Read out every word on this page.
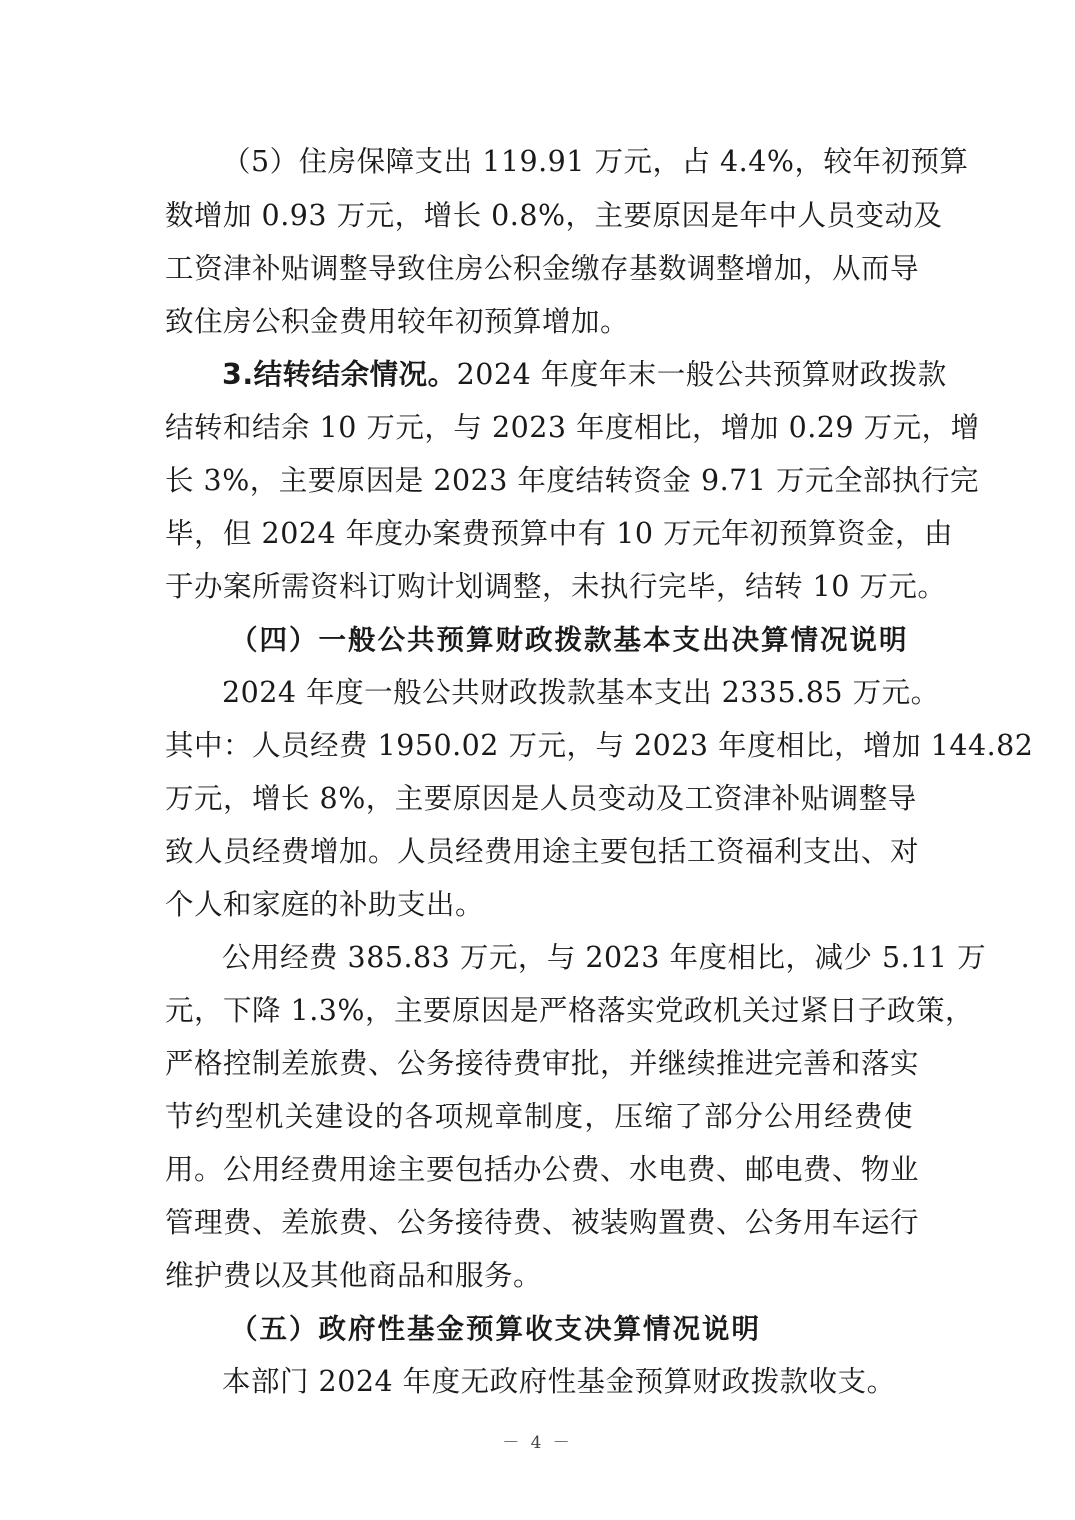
（5）住房保障支出 119.91 万元，占 4.4%，较年初预算

数增加 0.93 万元，增长 0.8%，主要原因是年中人员变动及

工资津补贴调整导致住房公积金缴存基数调整增加，从而导

致住房公积金费用较年初预算增加。

3.结转结余情况。2024 年度年末一般公共预算财政拨款

结转和结余 10 万元，与 2023 年度相比，增加 0.29 万元，增

长 3%，主要原因是 2023 年度结转资金 9.71 万元全部执行完

毕，但 2024 年度办案费预算中有 10 万元年初预算资金，由

于办案所需资料订购计划调整，未执行完毕，结转 10 万元。

（四）一般公共预算财政拨款基本支出决算情况说明

2024 年度一般公共财政拨款基本支出 2335.85 万元。

其中：人员经费 1950.02 万元，与 2023 年度相比，增加 144.82

万元，增长 8%，主要原因是人员变动及工资津补贴调整导

致人员经费增加。人员经费用途主要包括工资福利支出、对

个人和家庭的补助支出。

公用经费 385.83 万元，与 2023 年度相比，减少 5.11 万

元，下降 1.3%，主要原因是严格落实党政机关过紧日子政策，

严格控制差旅费、公务接待费审批，并继续推进完善和落实

节约型机关建设的各项规章制度，压缩了部分公用经费使

用。公用经费用途主要包括办公费、水电费、邮电费、物业

管理费、差旅费、公务接待费、被装购置费、公务用车运行

维护费以及其他商品和服务。

（五）政府性基金预算收支决算情况说明

本部门 2024 年度无政府性基金预算财政拨款收支。

－ 4 －
